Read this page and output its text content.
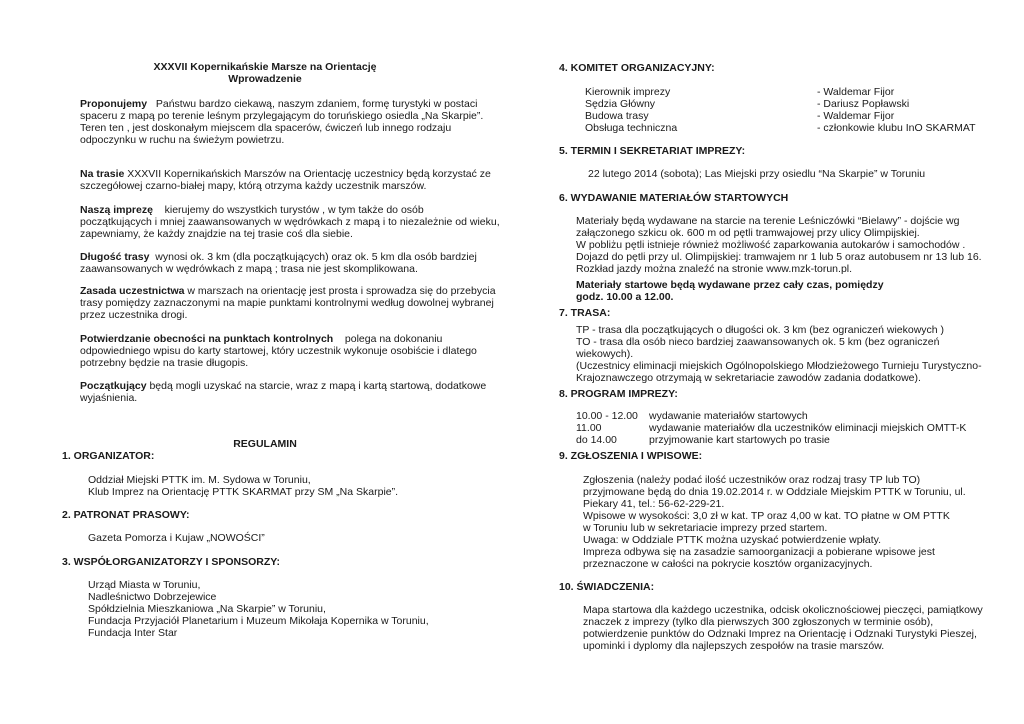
XXXVII Kopernikańskie Marsze na Orientację
Wprowadzenie
Proponujemy Państwu bardzo ciekawą, naszym zdaniem, formę turystyki w postaci
spaceru z mapą po terenie leśnym przylegającym do toruńskiego osiedla „Na Skarpie”.
Teren ten , jest doskonałym miejscem dla spacerów, ćwiczeń lub innego rodzaju
odpoczynku w ruchu na świeżym powietrzu.
Na trasie XXXVII Kopernikańskich Marszów na Orientację uczestnicy będą korzystać ze
szczegółowej czarno-białej mapy, którą otrzyma każdy uczestnik marszów.
Naszą imprezę kierujemy do wszystkich turystów , w tym także do osób
początkujących i mniej zaawansowanych w wędrówkach z mapą i to niezależnie od wieku,
zapewniamy, że każdy znajdzie na tej trasie coś dla siebie.
Długość trasy wynosi ok. 3 km (dla początkujących) oraz ok. 5 km dla osób bardziej
zaawansowanych w wędrówkach z mapą ; trasa nie jest skomplikowana.
Zasada uczestnictwa w marszach na orientację jest prosta i sprowadza się do przebycia
trasy pomiędzy zaznaczonymi na mapie punktami kontrolnymi według dowolnej wybranej
przez uczestnika drogi.
Potwierdzanie obecności na punktach kontrolnych polega na dokonaniu
odpowiedniego wpisu do karty startowej, który uczestnik wykonuje osobiście i dlatego
potrzebny będzie na trasie długopis.
Początkujący będą mogli uzyskać na starcie, wraz z mapą i kartą startową, dodatkowe
wyjaśnienia.
REGULAMIN
1. ORGANIZATOR:
Oddział Miejski PTTK im. M. Sydowa w Toruniu,
Klub Imprez na Orientację PTTK SKARMAT przy SM „Na Skarpie”.
2. PATRONAT PRASOWY:
Gazeta Pomorza i Kujaw „NOWOŚCI”
3. WSPÓŁORGANIZATORZY I SPONSORZY:
Urząd Miasta w Toruniu,
Nadleśnictwo Dobrzejewice
Spółdzielnia Mieszkaniowa „Na Skarpie” w Toruniu,
Fundacja Przyjaciół Planetarium i Muzeum Mikołaja Kopernika w Toruniu,
Fundacja Inter Star
4. KOMITET ORGANIZACYJNY:
Kierownik imprezy	- Waldemar Fijor
Sędzia Główny	- Dariusz Popławski
Budowa trasy	- Waldemar Fijor
Obsługa techniczna	- członkowie klubu InO SKARMAT
5. TERMIN I SEKRETARIAT IMPREZY:
22 lutego 2014 (sobota); Las Miejski przy osiedlu “Na Skarpie” w Toruniu
6. WYDAWANIE MATERIAŁÓW STARTOWYCH
Materiały będą wydawane na starcie na terenie Leśniczówki “Bielawy” - dojście wg
załączonego szkicu ok. 600 m od pętli tramwajowej przy ulicy Olimpijskiej.
W pobliżu pętli istnieje również możliwość zaparkowania autokarów i samochodów .
Dojazd do pętli przy ul. Olimpijskiej: tramwajem nr 1 lub 5 oraz autobusem nr 13 lub 16.
Rozkład jazdy można znaleźć na stronie www.mzk-torun.pl.
Materiały startowe będą wydawane przez cały czas, pomiędzy
godz. 10.00 a 12.00.
7. TRASA:
TP - trasa dla początkujących o długości ok. 3 km (bez ograniczeń wiekowych )
TO - trasa dla osób nieco bardziej zaawansowanych ok. 5 km (bez ograniczeń
wiekowych).
(Uczestnicy eliminacji miejskich Ogólnopolskiego Młodzieżowego Turnieju Turystyczno-
Krajoznawczego otrzymają w sekretariacie zawodów zadania dodatkowe).
8. PROGRAM IMPREZY:
10.00 - 12.00 wydawanie materiałów startowych
11.00	wydawanie materiałów dla uczestników eliminacji miejskich OMTT-K
do 14.00	przyjmowanie kart startowych po trasie
9. ZGŁOSZENIA I WPISOWE:
Zgłoszenia (należy podać ilość uczestników oraz rodzaj trasy TP lub TO)
przyjmowane będą do dnia 19.02.2014 r. w Oddziale Miejskim PTTK w Toruniu, ul.
Piekary 41, tel.: 56-62-229-21.
Wpisowe w wysokości: 3,0 zł w kat. TP oraz 4,00 w kat. TO płatne w OM PTTK
w Toruniu lub w sekretariacie imprezy przed startem.
Uwaga: w Oddziale PTTK można uzyskać potwierdzenie wpłaty.
Impreza odbywa się na zasadzie samoorganizacji a pobierane wpisowe jest
przeznaczone w całości na pokrycie kosztów organizacyjnych.
10. ŚWIADCZENIA:
Mapa startowa dla każdego uczestnika, odcisk okolicznościowej pieczęci, pamiątkowy
znaczek z imprezy (tylko dla pierwszych 300 zgłoszonych w terminie osób),
potwierdzenie punktów do Odznaki Imprez na Orientację i Odznaki Turystyki Pieszej,
upominki i dyplomy dla najlepszych zespołów na trasie marszów.
